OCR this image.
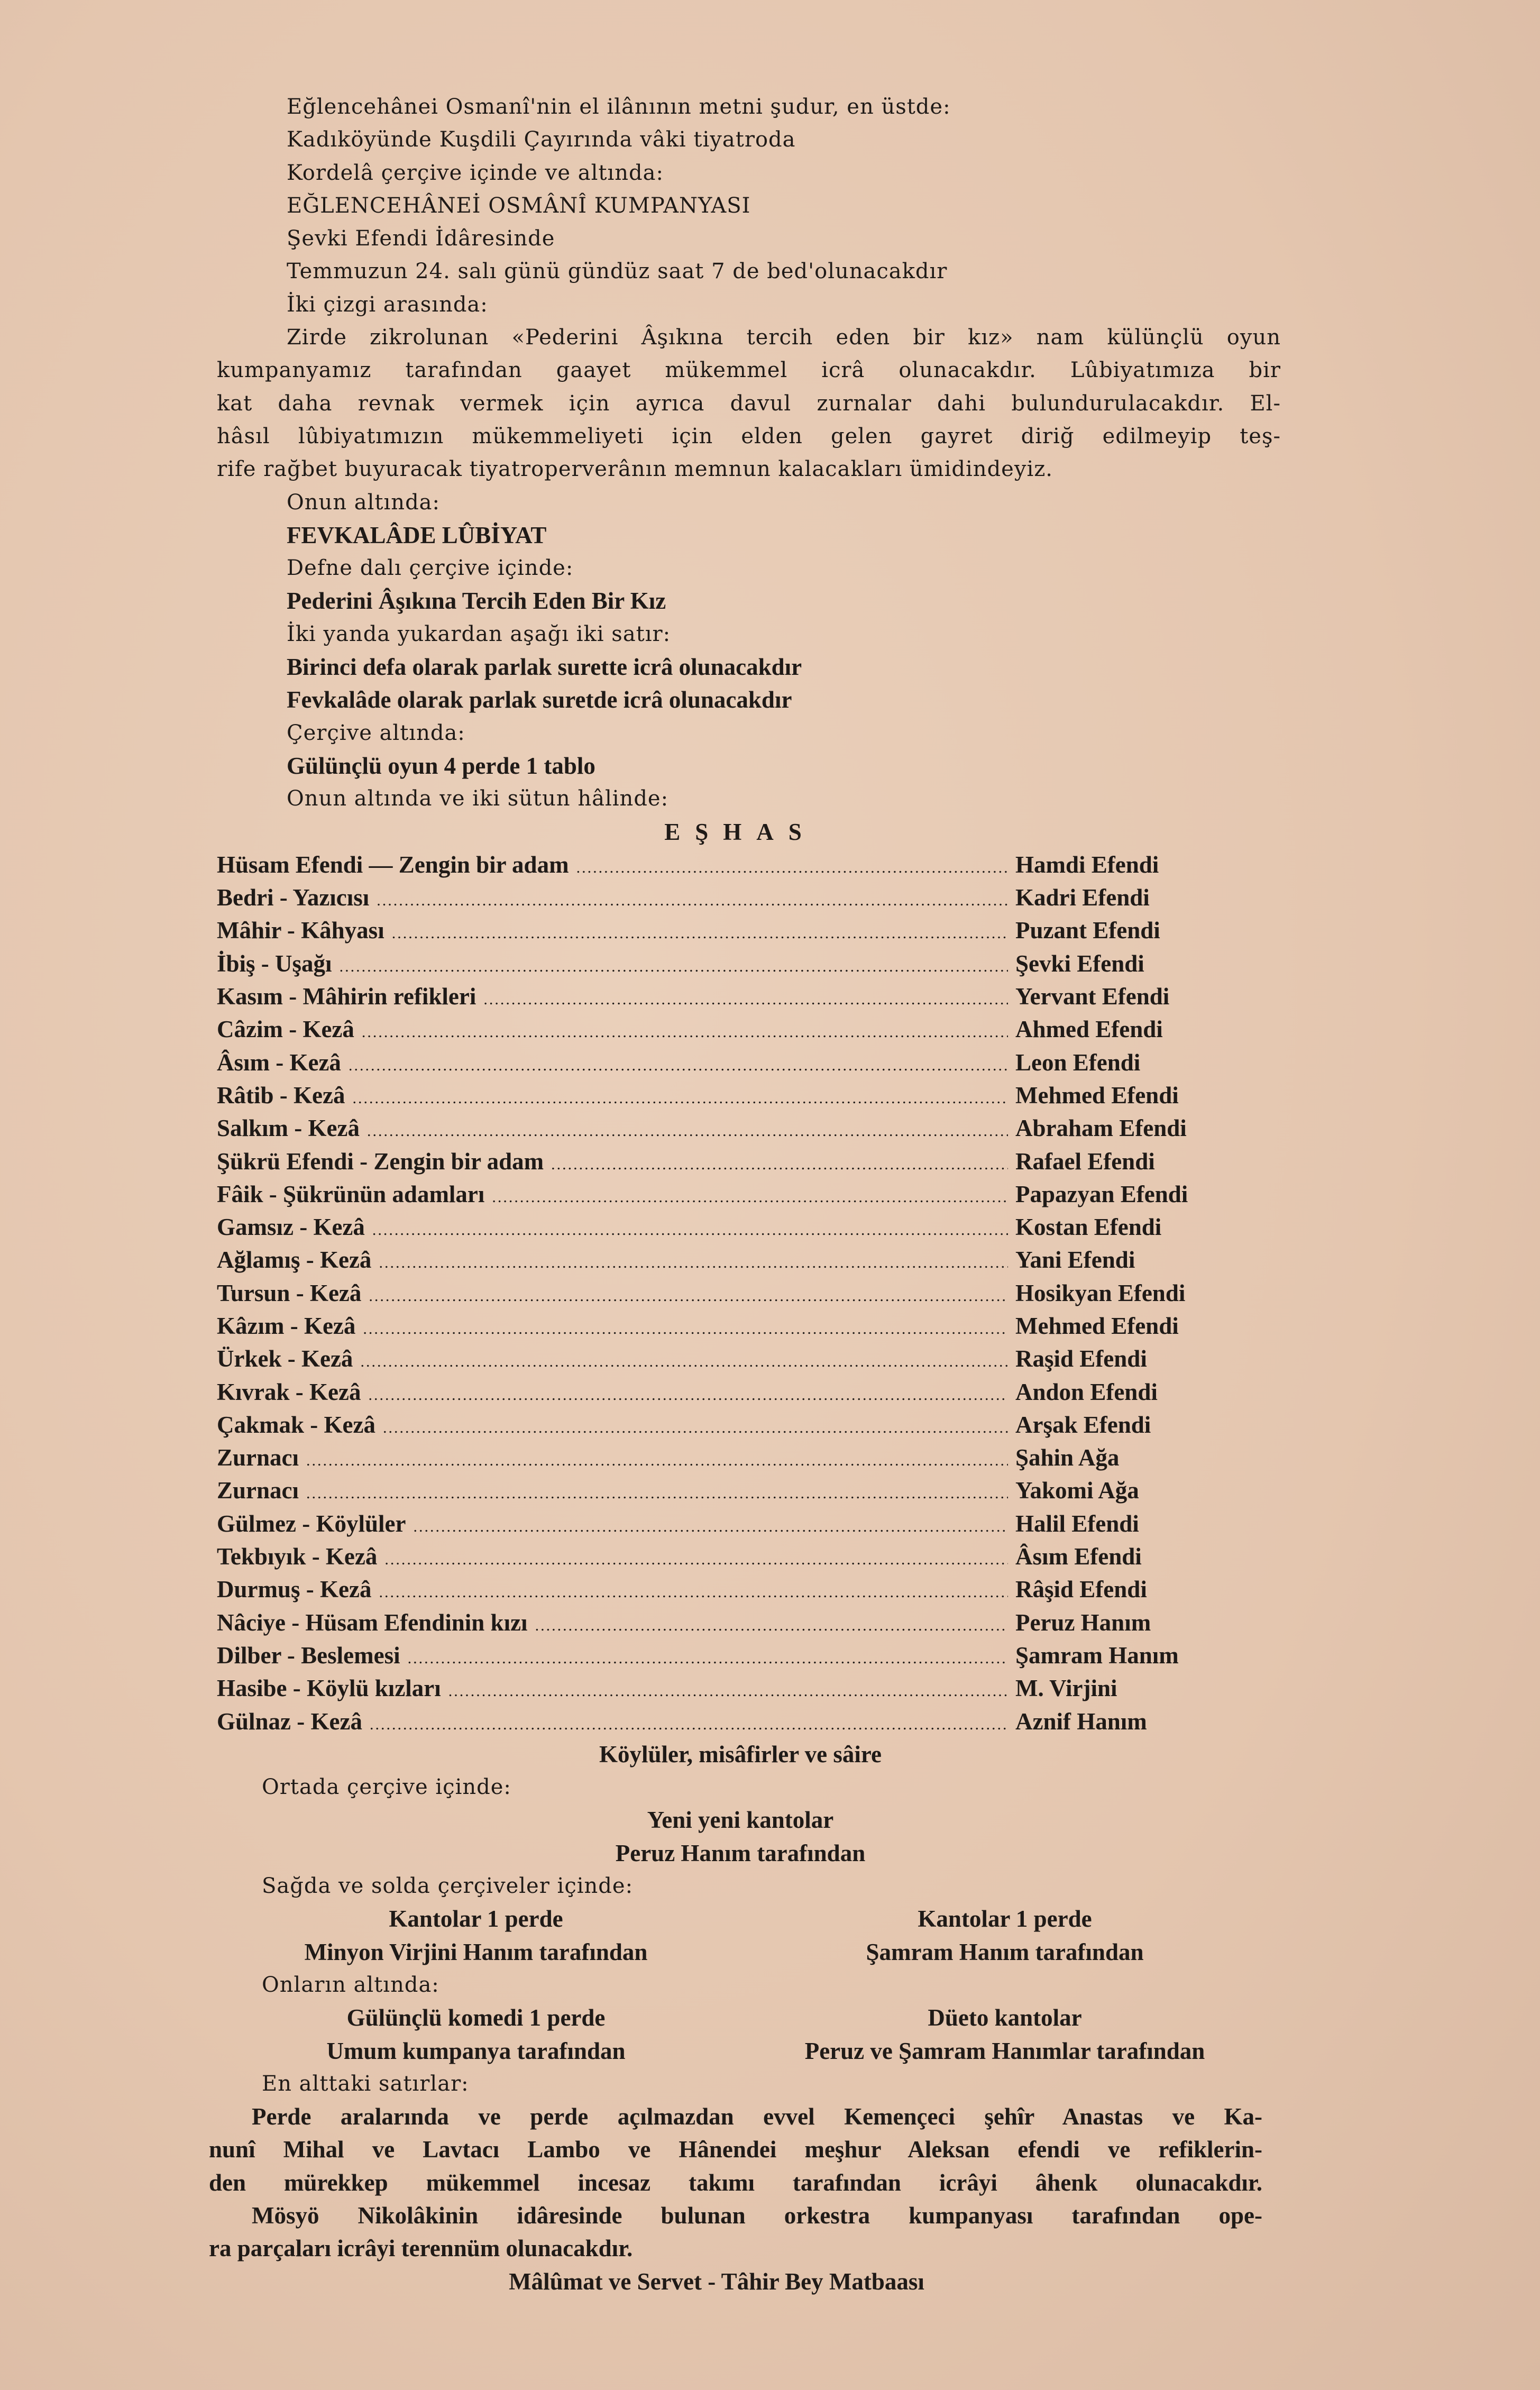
Eğlencehânei Osmanî'nin el ilânının metni şudur, en üstde:
Kadıköyünde Kuşdili Çayırında vâki tiyatroda
Kordelâ çerçive içinde ve altında:
EĞLENCEHÂNEİ OSMÂNÎ KUMPANYASI
Şevki Efendi İdâresinde
Temmuzun 24. salı günü gündüz saat 7 de bed'olunacakdır
İki çizgi arasında:
Zirde zikrolunan «Pederini Âşıkına tercih eden bir kız» nam külünçlü oyun
kumpanyamız tarafından gaayet mükemmel icrâ olunacakdır. Lûbiyatımıza bir
kat daha revnak vermek için ayrıca davul zurnalar dahi bulundurulacakdır. El-
hâsıl lûbiyatımızın mükemmeliyeti için elden gelen gayret diriğ edilmeyip teş-
rife rağbet buyuracak tiyatroperverânın memnun kalacakları ümidindeyiz.
Onun altında:
FEVKALÂDE LÛBİYAT
Defne dalı çerçive içinde:
Pederini Âşıkına Tercih Eden Bir Kız
İki yanda yukardan aşağı iki satır:
Birinci defa olarak parlak surette icrâ olunacakdır
Fevkalâde olarak parlak suretde icrâ olunacakdır
Çerçive altında:
Gülünçlü oyun 4 perde 1 tablo
Onun altında ve iki sütun hâlinde:
EŞHAS
Hüsam Efendi — Zengin bir adam .....	Hamdi Efendi
Bedri - Yazıcısı .....	Kadri Efendi
Mâhir - Kâhyası .....	Puzant Efendi
İbiş - Uşağı .....	Şevki Efendi
Kasım - Mâhirin refikleri .....	Yervant Efendi
Câzim - Kezâ .....	Ahmed Efendi
Âsım - Kezâ .....	Leon Efendi
Râtib - Kezâ .....	Mehmed Efendi
Salkım - Kezâ .....	Abraham Efendi
Şükrü Efendi - Zengin bir adam .....	Rafael Efendi
Fâik - Şükrünün adamları .....	Papazyan Efendi
Gamsız - Kezâ .....	Kostan Efendi
Ağlamış - Kezâ .....	Yani Efendi
Tursun - Kezâ .....	Hosikyan Efendi
Kâzım - Kezâ .....	Mehmed Efendi
Ürkek - Kezâ .....	Raşid Efendi
Kıvrak - Kezâ .....	Andon Efendi
Çakmak - Kezâ .....	Arşak Efendi
Zurnacı .....	Şahin Ağa
Zurnacı .....	Yakomi Ağa
Gülmez - Köylüler .....	Halil Efendi
Tekbıyık - Kezâ .....	Âsım Efendi
Durmuş - Kezâ .....	Râşid Efendi
Nâciye - Hüsam Efendinin kızı .....	Peruz Hanım
Dilber - Beslemesi .....	Şamram Hanım
Hasibe - Köylü kızları .....	M. Virjini
Gülnaz - Kezâ .....	Aznif Hanım
Köylüler, misâfirler ve sâire
Ortada çerçive içinde:
Yeni yeni kantolar
Peruz Hanım tarafından
Sağda ve solda çerçiveler içinde:
Kantolar 1 perde	Kantolar 1 perde
Minyon Virjini Hanım tarafından	Şamram Hanım tarafından
Onların altında:
Gülünçlü komedi 1 perde	Düeto kantolar
Umum kumpanya tarafından	Peruz ve Şamram Hanımlar tarafından
En alttaki satırlar:
Perde aralarında ve perde açılmazdan evvel Kemençeci şehîr Anastas ve Ka-
nunî Mihal ve Lavtacı Lambo ve Hânendei meşhur Aleksan efendi ve refiklerin-
den mürekkep mükemmel incesaz takımı tarafından icrâyi âhenk olunacakdır.
Mösyö Nikolâkinin idâresinde bulunan orkestra kumpanyası tarafından ope-
ra parçaları icrâyi terennüm olunacakdır.
Mâlûmat ve Servet - Tâhir Bey Matbaası
